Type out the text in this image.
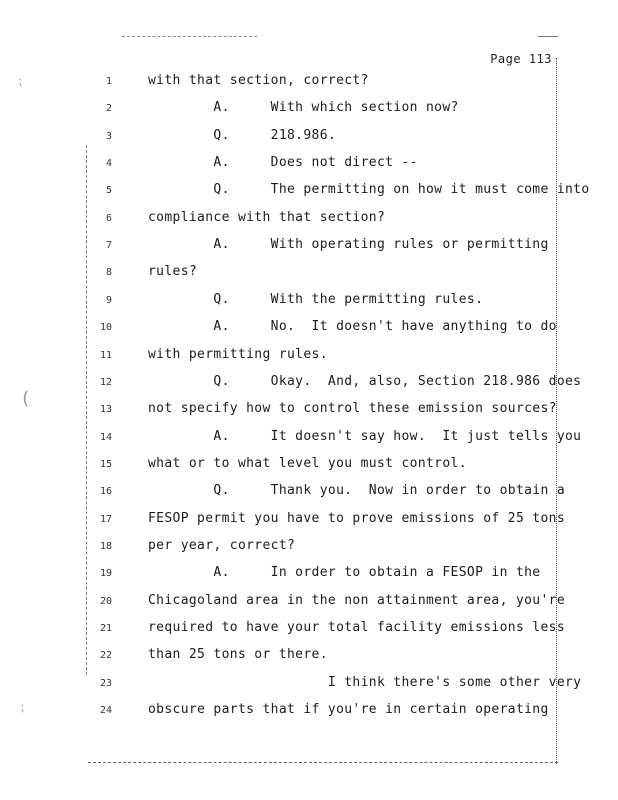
Page 113
⁏
(
⁏
1	with that section, correct?
2	A.     With which section now?
3	Q.     218.986.
4	A.     Does not direct --
5	Q.     The permitting on how it must come into
6	compliance with that section?
7	A.     With operating rules or permitting
8	rules?
9	Q.     With the permitting rules.
10	A.     No.  It doesn't have anything to do
11	with permitting rules.
12	Q.     Okay.  And, also, Section 218.986 does
13	not specify how to control these emission sources?
14	A.     It doesn't say how.  It just tells you
15	what or to what level you must control.
16	Q.     Thank you.  Now in order to obtain a
17	FESOP permit you have to prove emissions of 25 tons
18	per year, correct?
19	A.     In order to obtain a FESOP in the
20	Chicagoland area in the non attainment area, you're
21	required to have your total facility emissions less
22	than 25 tons or there.
23	I think there's some other very
24	obscure parts that if you're in certain operating
